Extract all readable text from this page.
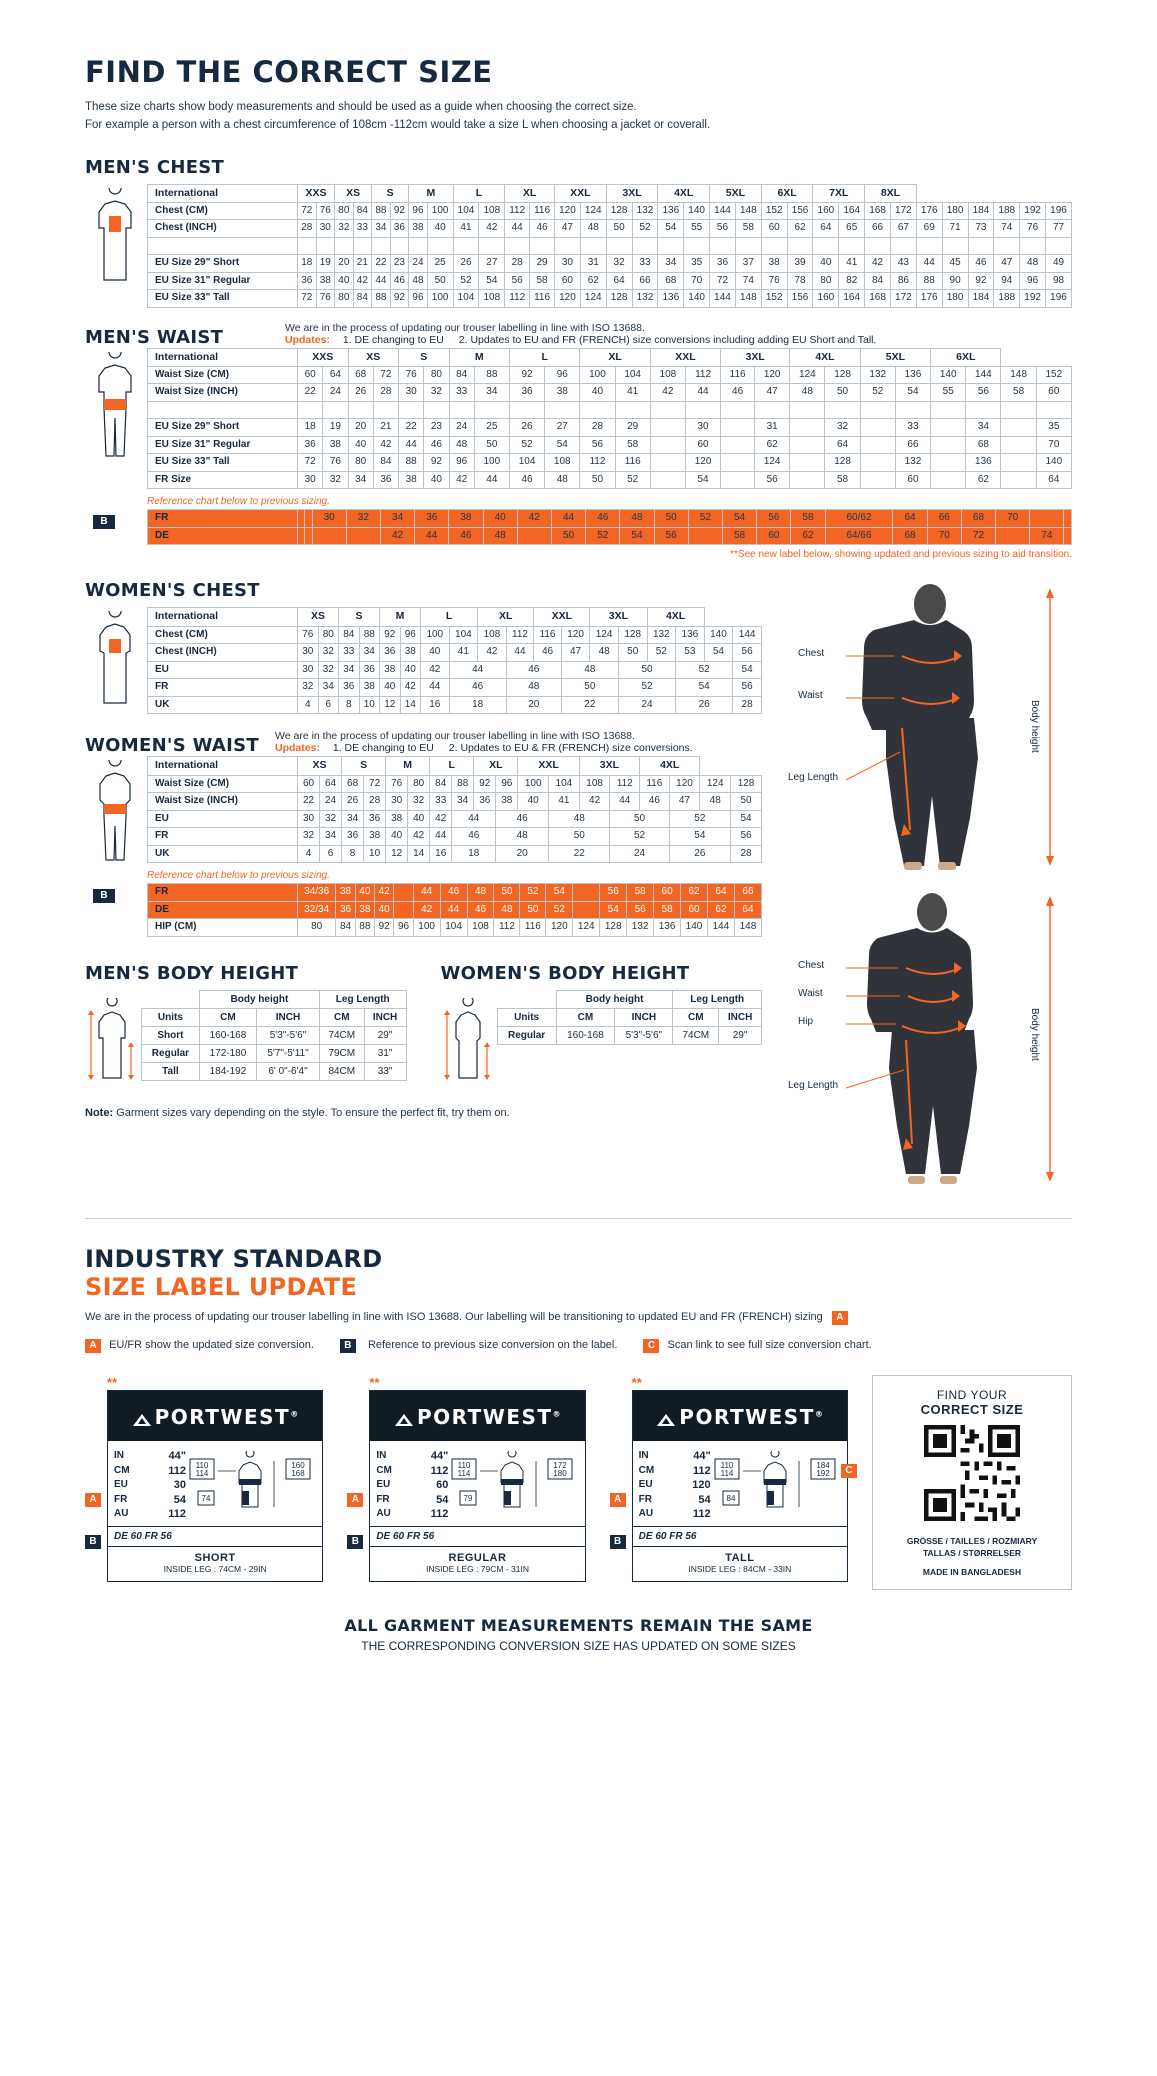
FIND THE CORRECT SIZE
These size charts show body measurements and should be used as a guide when choosing the correct size.
For example a person with a chest circumference of 108cm -112cm would take a size L when choosing a jacket or coverall.
MEN'S CHEST
International	XXS		XS		S		M		L		XL		XXL		3XL		4XL		5XL		6XL		7XL		8XL							
Chest (CM)	72	76	80	84	88	92	96	100	104	108	112	116	120	124	128	132	136	140	144	148	152	156	160	164	168	172	176	180	184	188	192	196
Chest (INCH)	28	30	32	33	34	36	38	40	41	42	44	46	47	48	50	52	54	55	56	58	60	62	64	65	66	67	69	71	73	74	76	77

EU Size 29" Short	18	19	20	21	22	23	24	25	26	27	28	29	30	31	32	33	34	35	36	37	38	39	40	41	42	43	44	45	46	47	48	49
EU Size 31" Regular	36	38	40	42	44	46	48	50	52	54	56	58	60	62	64	66	68	70	72	74	76	78	80	82	84	86	88	90	92	94	96	98
EU Size 33" Tall	72	76	80	84	88	92	96	100	104	108	112	116	120	124	128	132	136	140	144	148	152	156	160	164	168	172	176	180	184	188	192	196
MEN'S WAIST	We are in the process of updating our trouser labelling in line with ISO 13688.
Updates: 1. DE changing to EU 2. Updates to EU and FR (FRENCH) size conversions including adding EU Short and Tall.
International	XXS		XS		S		M		L		XL		XXL		3XL		4XL		5XL		6XL			
Waist Size (CM)	60	64	68	72	76	80	84	88	92	96	100	104	108	112	116	120	124	128	132	136	140	144	148	152
Waist Size (INCH)	22	24	26	28	30	32	33	34	36	38	40	41	42	44	46	47	48	50	52	54	55	56	58	60

EU Size 29" Short	18	19	20	21	22	23	24	25	26	27	28	29		30		31		32		33		34		35
EU Size 31" Regular	36	38	40	42	44	46	48	50	52	54	56	58		60		62		64		66		68		70
EU Size 33" Tall	72	76	80	84	88	92	96	100	104	108	112	116		120		124		128		132		136		140
FR Size	30	32	34	36	38	40	42	44	46	48	50	52		54		56		58		60		62		64
Reference chart below to previous sizing.
B	FR			30	32	34	36	38	40	42	44	46	48	50	52	54	56	58	60/62	64	66	68	70		
DE					42	44	46	48		50	52	54	56		58	60	62	64/66	68	70	72		74	
**See new label below, showing updated and previous sizing to aid transition.
WOMEN'S CHEST
International	XS		S		M		L		XL		XXL		3XL		4XL			
Chest (CM)	76	80	84	88	92	96	100	104	108	112	116	120	124	128	132	136	140	144
Chest (INCH)	30	32	33	34	36	38	40	41	42	44	46	47	48	50	52	53	54	56
EU	30	32	34	36	38	40	42	44		46		48		50		52		54
FR	32	34	36	38	40	42	44	46		48		50		52		54		56
UK	4	6	8	10	12	14	16	18		20		22		24		26		28
WOMEN'S WAIST	We are in the process of updating our trouser labelling in line with ISO 13688.
Updates: 1. DE changing to EU 2. Updates to EU & FR (FRENCH) size conversions.
International	XS		S		M		L		XL		XXL		3XL		4XL			
Waist Size (CM)	60	64	68	72	76	80	84	88	92	96	100	104	108	112	116	120	124	128
Waist Size (INCH)	22	24	26	28	30	32	33	34	36	38	40	41	42	44	46	47	48	50
EU	30	32	34	36	38	40	42	44		46		48		50		52		54
FR	32	34	36	38	40	42	44	46		48		50		52		54		56
UK	4	6	8	10	12	14	16	18		20		22		24		26		28
Reference chart below to previous sizing.
B	FR	34/36	38	40	42		44	46	48	50	52	54		56	58	60	62	64	66
DE	32/34	36	38	40		42	44	46	48	50	52		54	56	58	60	62	64
HIP (CM)	80	84	88	92	96	100	104	108	112	116	120	124	128	132	136	140	144	148
MEN'S BODY HEIGHT
	Body height		Leg Length	
Units	CM	INCH	CM	INCH
Short	160-168	5'3"-5'6"	74CM	29"
Regular	172-180	5'7"-5'11"	79CM	31"
Tall	184-192	6' 0"-6'4"	84CM	33"
WOMEN'S BODY HEIGHT
	Body height		Leg Length	
Units	CM	INCH	CM	INCH
Regular	160-168	5'3"-5'6"	74CM	29"
Note: Garment sizes vary depending on the style. To ensure the perfect fit, try them on.
Chest
Waist
Leg Length
Body height
Chest
Waist
Hip
Leg Length
Body height
INDUSTRY STANDARD
SIZE LABEL UPDATE
We are in the process of updating our trouser labelling in line with ISO 13688. Our labelling will be transitioning to updated EU and FR (FRENCH) sizing A
A EU/FR show the updated size conversion.	B Reference to previous size conversion on the label.	C Scan link to see full size conversion chart.
**
PORTWEST®
IN	44"
CM	112
EU	30
FR	54
AU	112
110
114
74
160
168
DE 60 FR 56
SHORT
INSIDE LEG : 74CM - 29IN
A
B
**
PORTWEST®
IN	44"
CM	112
EU	60
FR	54
AU	112
110
114
79
172
180
DE 60 FR 56
REGULAR
INSIDE LEG : 79CM - 31IN
A
B
**
PORTWEST®
IN	44"
CM	112
EU	120
FR	54
AU	112
110
114
84
184
192
DE 60 FR 56
TALL
INSIDE LEG : 84CM - 33IN
A
B
C
FIND YOUR
CORRECT SIZE
GRÖSSE / TAILLES / ROZMIARY
TALLAS / STØRRELSER
MADE IN BANGLADESH
ALL GARMENT MEASUREMENTS REMAIN THE SAME
THE CORRESPONDING CONVERSION SIZE HAS UPDATED ON SOME SIZES
